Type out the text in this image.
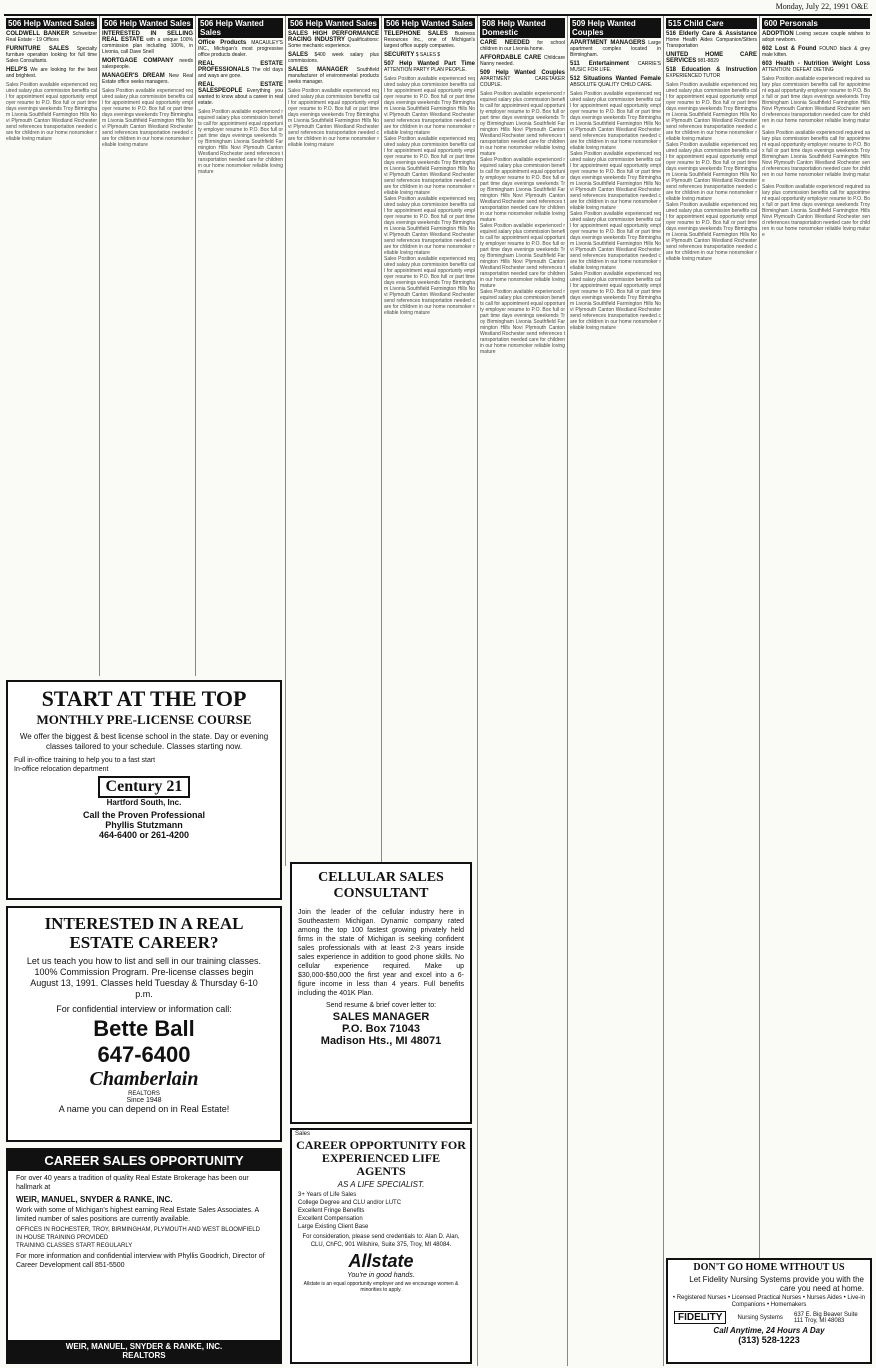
Monday, July 22, 1991 O&E
506 Help Wanted Sales
COLDWELL BANKER Schweitzer Real Estate - 19 Offices
FURNITURE SALES Specialty furniture operation looking for full time Sales Consultants.
HELP'S We are looking for the best and brightest.
Sales Position available experienced required salary plus commission benefits call for appointment equal opportunity employer resume to P.O. Box full or part time days evenings weekends Troy Birmingham Livonia Southfield Farmington Hills Novi Plymouth Canton Westland Rochester send references transportation needed care for children in our home nonsmoker reliable loving mature
506 Help Wanted Sales
INTERESTED IN SELLING REAL ESTATE with a unique 100% commission plan including 100%, in Livonia, call Dave Snell
MORTGAGE COMPANY needs salespeople.
MANAGER'S DREAM New Real Estate office seeks managers.
Sales Position available experienced required salary plus commission benefits call for appointment equal opportunity employer resume to P.O. Box full or part time days evenings weekends Troy Birmingham Livonia Southfield Farmington Hills Novi Plymouth Canton Westland Rochester send references transportation needed care for children in our home nonsmoker reliable loving mature
506 Help Wanted Sales
Office Products MACAULEY'S INC., Michigan's most progressive office products dealer.
REAL ESTATE PROFESSIONALS The old days and ways are gone.
REAL ESTATE SALESPEOPLE Everything you wanted to know about a career in real estate.
Sales Position available experienced required salary plus commission benefits call for appointment equal opportunity employer resume to P.O. Box full or part time days evenings weekends Troy Birmingham Livonia Southfield Farmington Hills Novi Plymouth Canton Westland Rochester send references transportation needed care for children in our home nonsmoker reliable loving mature
506 Help Wanted Sales
SALES HIGH PERFORMANCE RACING INDUSTRY Qualifications: Some mechanic experience.
SALES $400 week salary plus commissions.
SALES MANAGER Southfield manufacturer of environmental products seeks manager.
Sales Position available experienced required salary plus commission benefits call for appointment equal opportunity employer resume to P.O. Box full or part time days evenings weekends Troy Birmingham Livonia Southfield Farmington Hills Novi Plymouth Canton Westland Rochester send references transportation needed care for children in our home nonsmoker reliable loving mature
506 Help Wanted Sales
TELEPHONE SALES Business Resources Inc., one of Michigan's largest office supply companies.
SECURITY $ SALES $
507 Help Wanted Part Time ATTENTION PARTY PLAN PEOPLE.
Sales Position available experienced required salary plus commission benefits call for appointment equal opportunity employer resume to P.O. Box full or part time days evenings weekends Troy Birmingham Livonia Southfield Farmington Hills Novi Plymouth Canton Westland Rochester send references transportation needed care for children in our home nonsmoker reliable loving mature
Sales Position available experienced required salary plus commission benefits call for appointment equal opportunity employer resume to P.O. Box full or part time days evenings weekends Troy Birmingham Livonia Southfield Farmington Hills Novi Plymouth Canton Westland Rochester send references transportation needed care for children in our home nonsmoker reliable loving mature
Sales Position available experienced required salary plus commission benefits call for appointment equal opportunity employer resume to P.O. Box full or part time days evenings weekends Troy Birmingham Livonia Southfield Farmington Hills Novi Plymouth Canton Westland Rochester send references transportation needed care for children in our home nonsmoker reliable loving mature
Sales Position available experienced required salary plus commission benefits call for appointment equal opportunity employer resume to P.O. Box full or part time days evenings weekends Troy Birmingham Livonia Southfield Farmington Hills Novi Plymouth Canton Westland Rochester send references transportation needed care for children in our home nonsmoker reliable loving mature
508 Help Wanted Domestic
CARE NEEDED for school children in our Livonia home.
AFFORDABLE CARE Childcare Nanny needed.
509 Help Wanted Couples APARTMENT CARETAKER COUPLE.
Sales Position available experienced required salary plus commission benefits call for appointment equal opportunity employer resume to P.O. Box full or part time days evenings weekends Troy Birmingham Livonia Southfield Farmington Hills Novi Plymouth Canton Westland Rochester send references transportation needed care for children in our home nonsmoker reliable loving mature
Sales Position available experienced required salary plus commission benefits call for appointment equal opportunity employer resume to P.O. Box full or part time days evenings weekends Troy Birmingham Livonia Southfield Farmington Hills Novi Plymouth Canton Westland Rochester send references transportation needed care for children in our home nonsmoker reliable loving mature
Sales Position available experienced required salary plus commission benefits call for appointment equal opportunity employer resume to P.O. Box full or part time days evenings weekends Troy Birmingham Livonia Southfield Farmington Hills Novi Plymouth Canton Westland Rochester send references transportation needed care for children in our home nonsmoker reliable loving mature
Sales Position available experienced required salary plus commission benefits call for appointment equal opportunity employer resume to P.O. Box full or part time days evenings weekends Troy Birmingham Livonia Southfield Farmington Hills Novi Plymouth Canton Westland Rochester send references transportation needed care for children in our home nonsmoker reliable loving mature
509 Help Wanted Couples
APARTMENT MANAGERS Large apartment complex located in Birmingham.
511 Entertainment CARRIE'S MUSIC FOR LIFE.
512 Situations Wanted Female ABSOLUTE QUALITY CHILD CARE.
Sales Position available experienced required salary plus commission benefits call for appointment equal opportunity employer resume to P.O. Box full or part time days evenings weekends Troy Birmingham Livonia Southfield Farmington Hills Novi Plymouth Canton Westland Rochester send references transportation needed care for children in our home nonsmoker reliable loving mature
Sales Position available experienced required salary plus commission benefits call for appointment equal opportunity employer resume to P.O. Box full or part time days evenings weekends Troy Birmingham Livonia Southfield Farmington Hills Novi Plymouth Canton Westland Rochester send references transportation needed care for children in our home nonsmoker reliable loving mature
Sales Position available experienced required salary plus commission benefits call for appointment equal opportunity employer resume to P.O. Box full or part time days evenings weekends Troy Birmingham Livonia Southfield Farmington Hills Novi Plymouth Canton Westland Rochester send references transportation needed care for children in our home nonsmoker reliable loving mature
Sales Position available experienced required salary plus commission benefits call for appointment equal opportunity employer resume to P.O. Box full or part time days evenings weekends Troy Birmingham Livonia Southfield Farmington Hills Novi Plymouth Canton Westland Rochester send references transportation needed care for children in our home nonsmoker reliable loving mature
515 Child Care
516 Elderly Care & Assistance Home Health Aides Companion/Sitters Transportation
UNITED HOME CARE SERVICES 981-8829
518 Education & Instruction EXPERIENCED TUTOR
Sales Position available experienced required salary plus commission benefits call for appointment equal opportunity employer resume to P.O. Box full or part time days evenings weekends Troy Birmingham Livonia Southfield Farmington Hills Novi Plymouth Canton Westland Rochester send references transportation needed care for children in our home nonsmoker reliable loving mature
Sales Position available experienced required salary plus commission benefits call for appointment equal opportunity employer resume to P.O. Box full or part time days evenings weekends Troy Birmingham Livonia Southfield Farmington Hills Novi Plymouth Canton Westland Rochester send references transportation needed care for children in our home nonsmoker reliable loving mature
Sales Position available experienced required salary plus commission benefits call for appointment equal opportunity employer resume to P.O. Box full or part time days evenings weekends Troy Birmingham Livonia Southfield Farmington Hills Novi Plymouth Canton Westland Rochester send references transportation needed care for children in our home nonsmoker reliable loving mature
600 Personals
ADOPTION Loving secure couple wishes to adopt newborn.
602 Lost & Found FOUND black & grey male kitten.
603 Health - Nutrition Weight Loss ATTENTION: DEFEAT DIETING
Sales Position available experienced required salary plus commission benefits call for appointment equal opportunity employer resume to P.O. Box full or part time days evenings weekends Troy Birmingham Livonia Southfield Farmington Hills Novi Plymouth Canton Westland Rochester send references transportation needed care for children in our home nonsmoker reliable loving mature
Sales Position available experienced required salary plus commission benefits call for appointment equal opportunity employer resume to P.O. Box full or part time days evenings weekends Troy Birmingham Livonia Southfield Farmington Hills Novi Plymouth Canton Westland Rochester send references transportation needed care for children in our home nonsmoker reliable loving mature
Sales Position available experienced required salary plus commission benefits call for appointment equal opportunity employer resume to P.O. Box full or part time days evenings weekends Troy Birmingham Livonia Southfield Farmington Hills Novi Plymouth Canton Westland Rochester send references transportation needed care for children in our home nonsmoker reliable loving mature
START AT THE TOP
MONTHLY PRE-LICENSE COURSE
We offer the biggest & best license school in the state. Day or evening classes tailored to your schedule. Classes starting now.
Full in-office training to help you to a fast start
In-office relocation department
Century 21
Hartford South, Inc.
Call the Proven Professional
Phyllis Stutzmann
464-6400 or 261-4200
INTERESTED IN A REAL ESTATE CAREER?
Let us teach you how to list and sell in our training classes. 100% Commission Program. Pre-license classes begin August 13, 1991. Classes held Tuesday & Thursday 6-10 p.m.
For confidential interview or information call:
Bette Ball
647-6400
Chamberlain
REALTORS
Since 1948
A name you can depend on in Real Estate!
CAREER SALES OPPORTUNITY
For over 40 years a tradition of quality Real Estate Brokerage has been our hallmark at
WEIR, MANUEL, SNYDER & RANKE, INC.
Work with some of Michigan's highest earning Real Estate Sales Associates. A limited number of sales positions are currently available.
OFFICES IN ROCHESTER, TROY, BIRMINGHAM, PLYMOUTH AND WEST BLOOMFIELD
IN HOUSE TRAINING PROVIDED
TRAINING CLASSES START REGULARLY
For more information and confidential interview with Phyllis Goodrich, Director of Career Development call 851-5500
WEIR, MANUEL, SNYDER & RANKE, INC.
REALTORS
CELLULAR SALES CONSULTANT
Join the leader of the cellular industry here in Southeastern Michigan. Dynamic company rated among the top 100 fastest growing privately held firms in the state of Michigan is seeking confident sales professionals with at least 2-3 years inside sales experience in addition to good phone skills. No cellular experience required. Make up $30,000-$50,000 the first year and excel into a 6-figure income in less than 4 years. Full benefits including the 401K Plan.
Send resume & brief cover letter to:
SALES MANAGER
P.O. Box 71043
Madison Hts., MI 48071
Sales
CAREER OPPORTUNITY FOR EXPERIENCED LIFE AGENTS
AS A LIFE SPECIALIST.
3+ Years of Life Sales
College Degree and CLU and/or LUTC
Excellent Fringe Benefits
Excellent Compensation
Large Existing Client Base
For consideration, please send credentials to: Alan D. Alan, CLU, ChFC, 901 Wilshire, Suite 375, Troy, MI 48084.
Allstate
You're in good hands.
Allstate is an equal opportunity employer and we encourage women & minorities to apply.
DON'T GO HOME WITHOUT US
Let Fidelity Nursing Systems provide you with the care you need at home.
• Registered Nurses • Licensed Practical Nurses • Nurses Aides • Live-in Companions • Homemakers
FIDELITY	Nursing Systems 637 E. Big Beaver Suite 111 Troy, MI 48083
Call Anytime, 24 Hours A Day
(313) 528-1223
